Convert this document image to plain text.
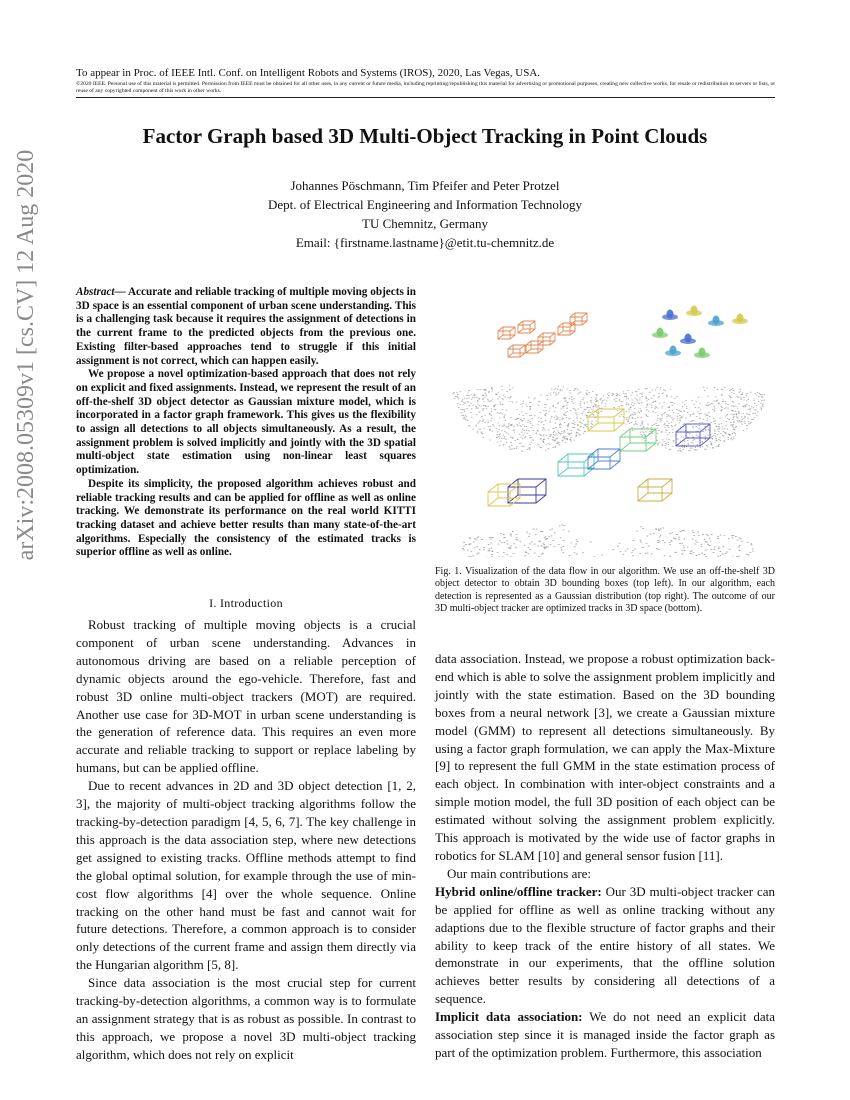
To appear in Proc. of IEEE Intl. Conf. on Intelligent Robots and Systems (IROS), 2020, Las Vegas, USA.
©2020 IEEE. Personal use of this material is permitted. Permission from IEEE must be obtained for all other uses, in any current or future media, including reprinting/republishing this material for advertising or promotional purposes, creating new collective works, for resale or redistribution to servers or lists, or reuse of any copyrighted component of this work in other works.
Factor Graph based 3D Multi-Object Tracking in Point Clouds
Johannes Pöschmann, Tim Pfeifer and Peter Protzel
Dept. of Electrical Engineering and Information Technology
TU Chemnitz, Germany
Email: {firstname.lastname}@etit.tu-chemnitz.de
arXiv:2008.05309v1 [cs.CV] 12 Aug 2020	Abstract— Accurate and reliable tracking of multiple moving objects in 3D space is an essential component of urban scene understanding. This is a challenging task because it requires the assignment of detections in the current frame to the predicted objects from the previous one. Existing filter-based approaches tend to struggle if this initial assignment is not correct, which can happen easily.

We propose a novel optimization-based approach that does not rely on explicit and fixed assignments. Instead, we represent the result of an off-the-shelf 3D object detector as Gaussian mixture model, which is incorporated in a factor graph framework. This gives us the flexibility to assign all detections to all objects simultaneously. As a result, the assignment problem is solved implicitly and jointly with the 3D spatial multi-object state estimation using non-linear least squares optimization.

Despite its simplicity, the proposed algorithm achieves robust and reliable tracking results and can be applied for offline as well as online tracking. We demonstrate its performance on the real world KITTI tracking dataset and achieve better results than many state-of-the-art algorithms. Especially the consistency of the estimated tracks is superior offline as well as online.

I. Introduction

Robust tracking of multiple moving objects is a crucial component of urban scene understanding. Advances in autonomous driving are based on a reliable perception of dynamic objects around the ego-vehicle. Therefore, fast and robust 3D online multi-object trackers (MOT) are required. Another use case for 3D-MOT in urban scene understanding is the generation of reference data. This requires an even more accurate and reliable tracking to support or replace labeling by humans, but can be applied offline.

Due to recent advances in 2D and 3D object detection [1, 2, 3], the majority of multi-object tracking algorithms follow the tracking-by-detection paradigm [4, 5, 6, 7]. The key challenge in this approach is the data association step, where new detections get assigned to existing tracks. Offline methods attempt to find the global optimal solution, for example through the use of min-cost flow algorithms [4] over the whole sequence. Online tracking on the other hand must be fast and cannot wait for future detections. Therefore, a common approach is to consider only detections of the current frame and assign them directly via the Hungarian algorithm [5, 8].

Since data association is the most crucial step for current tracking-by-detection algorithms, a common way is to formulate an assignment strategy that is as robust as possible. In contrast to this approach, we propose a novel 3D multi-object tracking algorithm, which does not rely on explicit

Fig. 1. Visualization of the data flow in our algorithm. We use an off-the-shelf 3D object detector to obtain 3D bounding boxes (top left). In our algorithm, each detection is represented as a Gaussian distribution (top right). The outcome of our 3D multi-object tracker are optimized tracks in 3D space (bottom).

data association. Instead, we propose a robust optimization back-end which is able to solve the assignment problem implicitly and jointly with the state estimation. Based on the 3D bounding boxes from a neural network [3], we create a Gaussian mixture model (GMM) to represent all detections simultaneously. By using a factor graph formulation, we can apply the Max-Mixture [9] to represent the full GMM in the state estimation process of each object. In combination with inter-object constraints and a simple motion model, the full 3D position of each object can be estimated without solving the assignment problem explicitly. This approach is motivated by the wide use of factor graphs in robotics for SLAM [10] and general sensor fusion [11].

Our main contributions are:

Hybrid online/offline tracker: Our 3D multi-object tracker can be applied for offline as well as online tracking without any adaptions due to the flexible structure of factor graphs and their ability to keep track of the entire history of all states. We demonstrate in our experiments, that the offline solution achieves better results by considering all detections of a sequence.

Implicit data association: We do not need an explicit data association step since it is managed inside the factor graph as part of the optimization problem. Furthermore, this association
